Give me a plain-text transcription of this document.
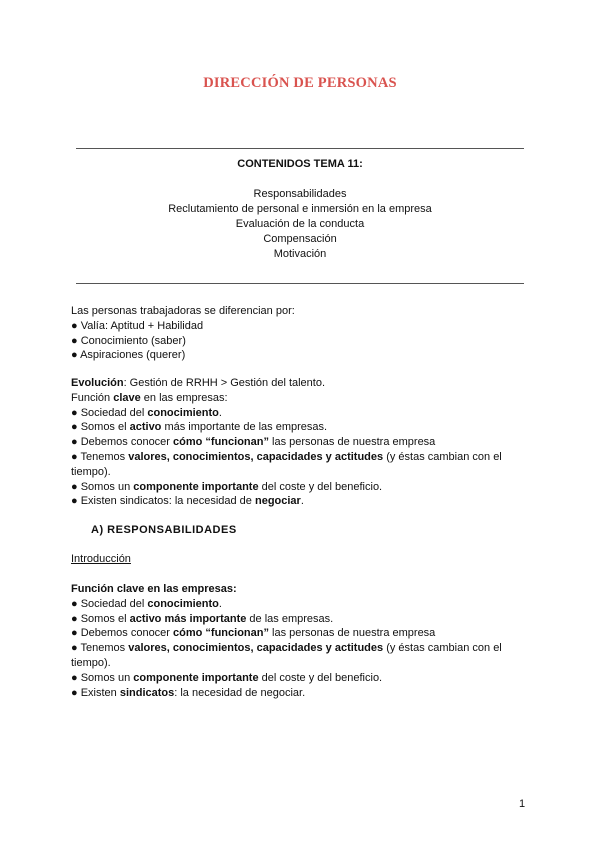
DIRECCIÓN DE PERSONAS

CONTENIDOS TEMA 11:

Responsabilidades

Reclutamiento de personal e inmersión en la empresa

Evaluación de la conducta

Compensación

Motivación

Las personas trabajadoras se diferencian por:

● Valía: Aptitud + Habilidad

● Conocimiento (saber)

● Aspiraciones (querer)

Evolución: Gestión de RRHH > Gestión del talento.

Función clave en las empresas:

● Sociedad del conocimiento.

● Somos el activo más importante de las empresas.

● Debemos conocer cómo “funcionan” las personas de nuestra empresa

● Tenemos valores, conocimientos, capacidades y actitudes (y éstas cambian con el tiempo).

● Somos un componente importante del coste y del beneficio.

● Existen sindicatos: la necesidad de negociar.

A) RESPONSABILIDADES
Introducción

Función clave en las empresas:

● Sociedad del conocimiento.

● Somos el activo más importante de las empresas.

● Debemos conocer cómo “funcionan” las personas de nuestra empresa

● Tenemos valores, conocimientos, capacidades y actitudes (y éstas cambian con el tiempo).

● Somos un componente importante del coste y del beneficio.

● Existen sindicatos: la necesidad de negociar.

1
